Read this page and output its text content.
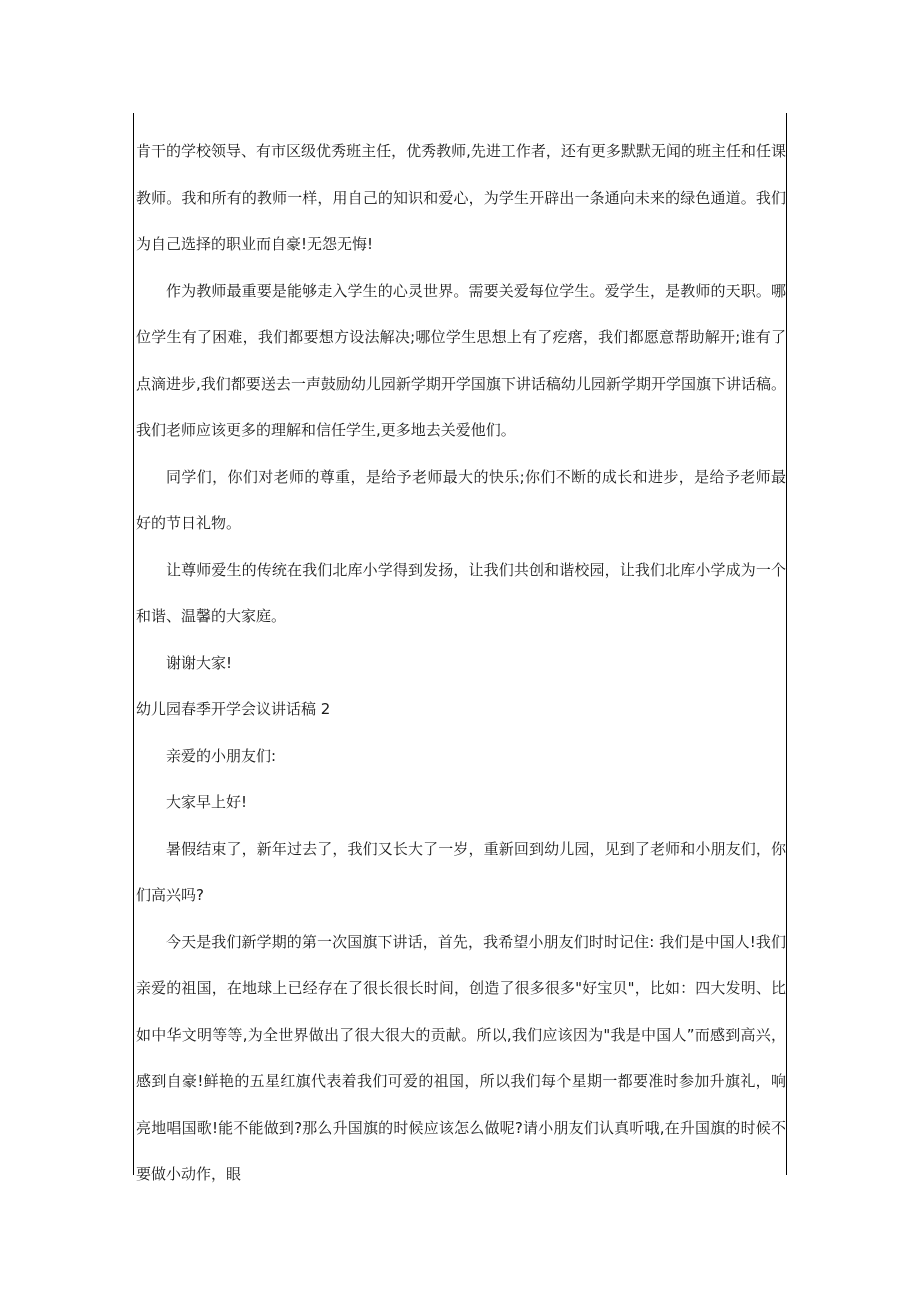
肯干的学校领导、有市区级优秀班主任，优秀教师,先进工作者，还有更多默默无闻的班主任和任课教师。我和所有的教师一样，用自己的知识和爱心，为学生开辟出一条通向未来的绿色通道。我们为自己选择的职业而自豪!无怨无悔!

作为教师最重要是能够走入学生的心灵世界。需要关爱每位学生。爱学生，是教师的天职。哪位学生有了困难，我们都要想方设法解决;哪位学生思想上有了疙瘩，我们都愿意帮助解开;谁有了点滴进步,我们都要送去一声鼓励幼儿园新学期开学国旗下讲话稿幼儿园新学期开学国旗下讲话稿。我们老师应该更多的理解和信任学生,更多地去关爱他们。

同学们，你们对老师的尊重，是给予老师最大的快乐;你们不断的成长和进步，是给予老师最好的节日礼物。

让尊师爱生的传统在我们北库小学得到发扬，让我们共创和谐校园，让我们北库小学成为一个和谐、温馨的大家庭。

谢谢大家!

幼儿园春季开学会议讲话稿 2

亲爱的小朋友们:

大家早上好!

暑假结束了，新年过去了，我们又长大了一岁，重新回到幼儿园，见到了老师和小朋友们，你们高兴吗?

今天是我们新学期的第一次国旗下讲话，首先，我希望小朋友们时时记住: 我们是中国人!我们亲爱的祖国，在地球上已经存在了很长很长时间，创造了很多很多"好宝贝"，比如：四大发明、比如中华文明等等,为全世界做出了很大很大的贡献。所以,我们应该因为"我是中国人”而感到高兴，感到自豪!鲜艳的五星红旗代表着我们可爱的祖国，所以我们每个星期一都要准时参加升旗礼，响亮地唱国歌!能不能做到?那么升国旗的时候应该怎么做呢?请小朋友们认真听哦,在升国旗的时候不要做小动作，眼
